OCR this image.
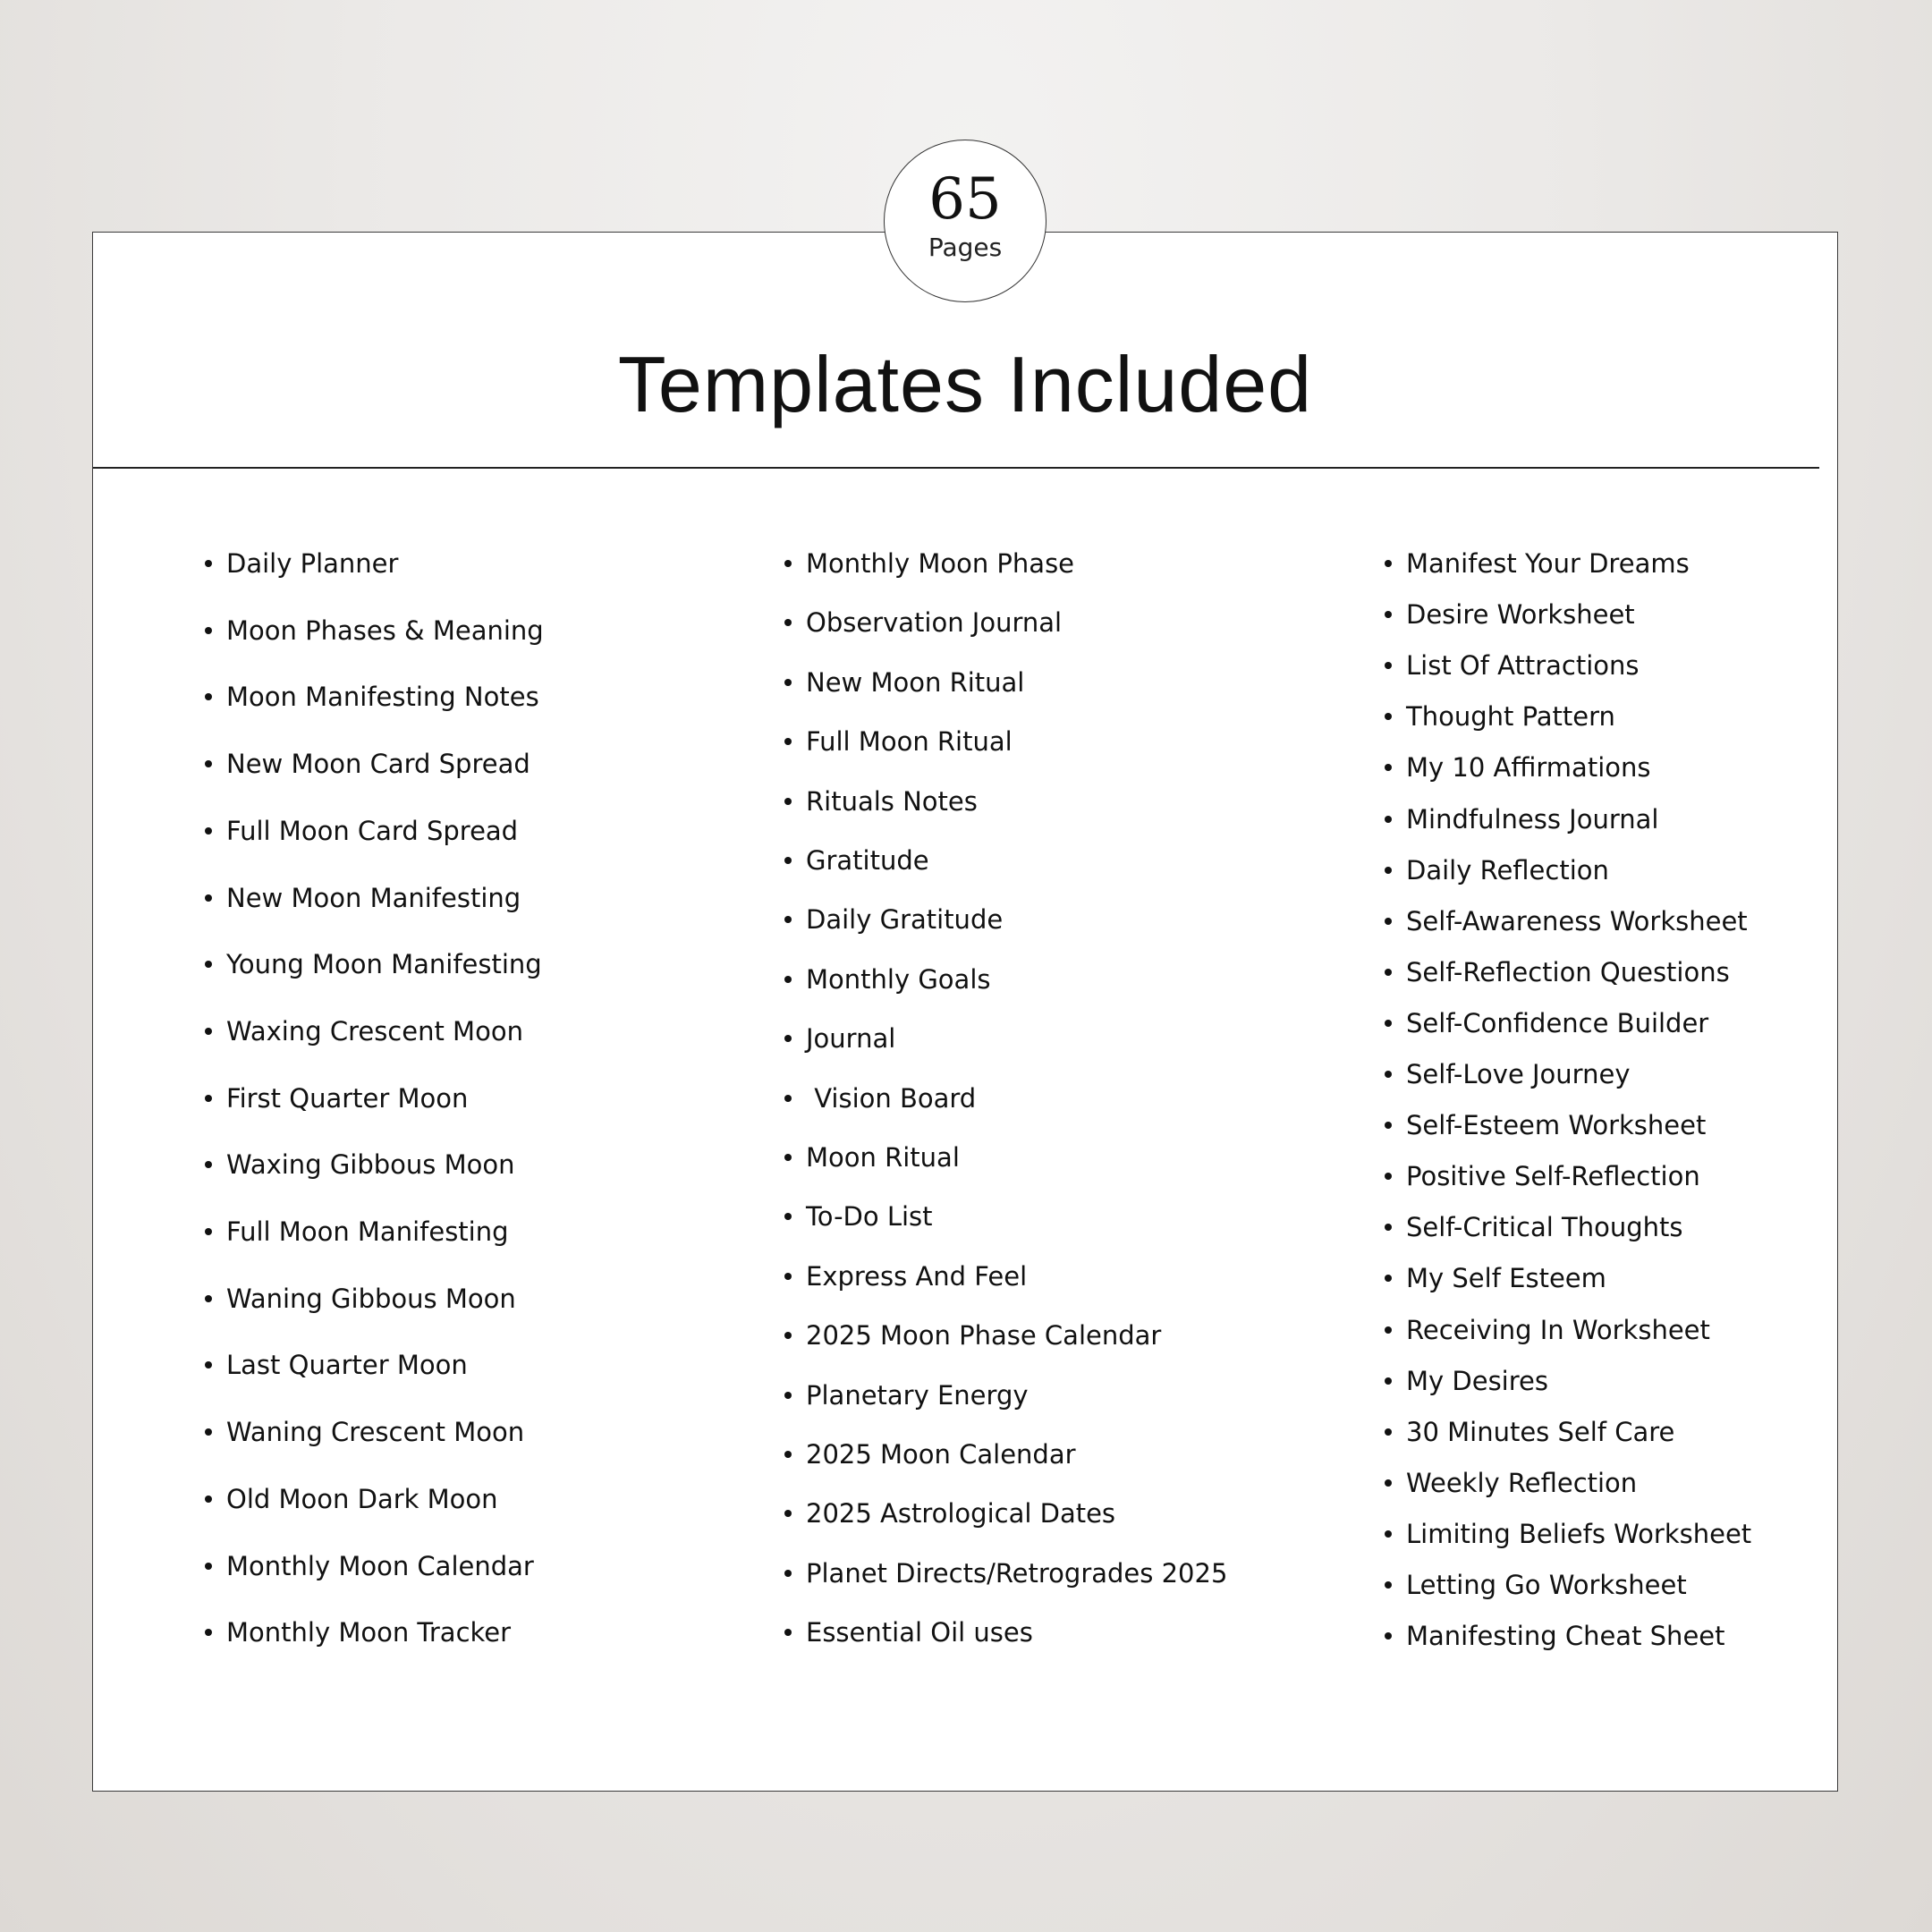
65
Pages
Templates Included
Daily Planner
Moon Phases & Meaning
Moon Manifesting Notes
New Moon Card Spread
Full Moon Card Spread
New Moon Manifesting
Young Moon Manifesting
Waxing Crescent Moon
First Quarter Moon
Waxing Gibbous Moon
Full Moon Manifesting
Waning Gibbous Moon
Last Quarter Moon
Waning Crescent Moon
Old Moon Dark Moon
Monthly Moon Calendar
Monthly Moon Tracker
Monthly Moon Phase
Observation Journal
New Moon Ritual
Full Moon Ritual
Rituals Notes
Gratitude
Daily Gratitude
Monthly Goals
Journal
Vision Board
Moon Ritual
To-Do List
Express And Feel
2025 Moon Phase Calendar
Planetary Energy
2025 Moon Calendar
2025 Astrological Dates
Planet Directs/Retrogrades 2025
Essential Oil uses
Manifest Your Dreams
Desire Worksheet
List Of Attractions
Thought Pattern
My 10 Affirmations
Mindfulness Journal
Daily Reflection
Self-Awareness Worksheet
Self-Reflection Questions
Self-Confidence Builder
Self-Love Journey
Self-Esteem Worksheet
Positive Self-Reflection
Self-Critical Thoughts
My Self Esteem
Receiving In Worksheet
My Desires
30 Minutes Self Care
Weekly Reflection
Limiting Beliefs Worksheet
Letting Go Worksheet
Manifesting Cheat Sheet
